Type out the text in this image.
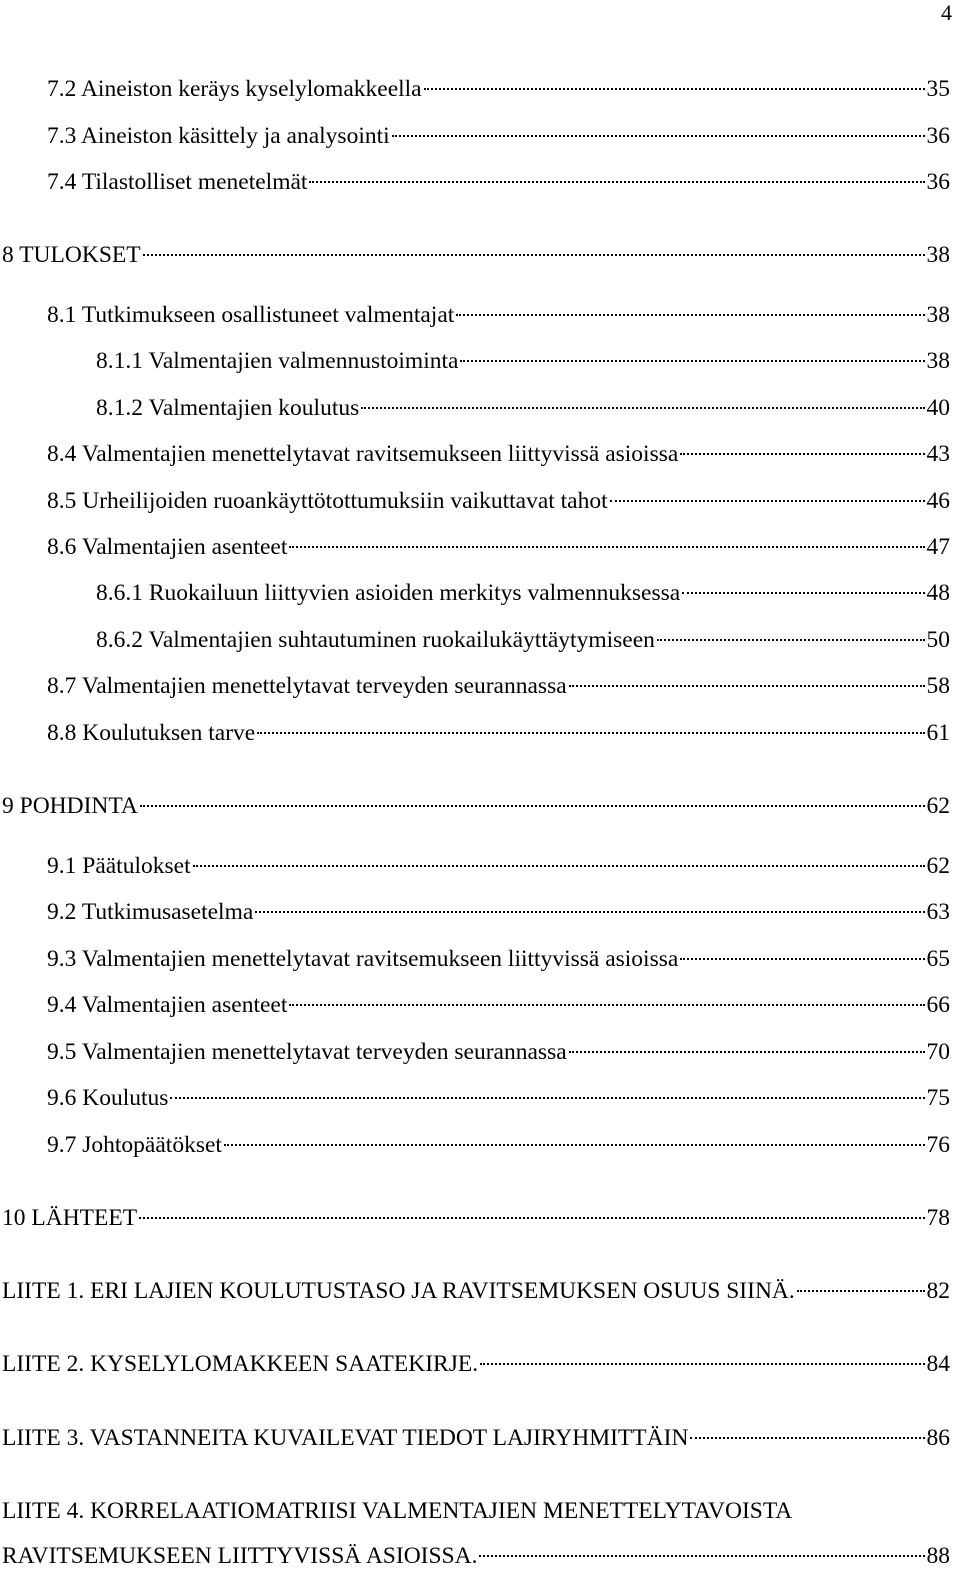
4
7.2 Aineiston keräys kyselylomakkeella	35
7.3 Aineiston käsittely ja analysointi	36
7.4 Tilastolliset menetelmät	36
8 TULOKSET	38
8.1 Tutkimukseen osallistuneet valmentajat	38
8.1.1 Valmentajien valmennustoiminta	38
8.1.2 Valmentajien koulutus	40
8.4 Valmentajien menettelytavat ravitsemukseen liittyvissä asioissa	43
8.5 Urheilijoiden ruoankäyttötottumuksiin vaikuttavat tahot	46
8.6 Valmentajien asenteet	47
8.6.1 Ruokailuun liittyvien asioiden merkitys valmennuksessa	48
8.6.2 Valmentajien suhtautuminen ruokailukäyttäytymiseen	50
8.7 Valmentajien menettelytavat terveyden seurannassa	58
8.8 Koulutuksen tarve	61
9 POHDINTA	62
9.1 Päätulokset	62
9.2 Tutkimusasetelma	63
9.3 Valmentajien menettelytavat ravitsemukseen liittyvissä asioissa	65
9.4 Valmentajien asenteet	66
9.5 Valmentajien menettelytavat terveyden seurannassa	70
9.6 Koulutus	75
9.7 Johtopäätökset	76
10 LÄHTEET	78
LIITE 1. ERI LAJIEN KOULUTUSTASO JA RAVITSEMUKSEN OSUUS SIINÄ.	82
LIITE 2. KYSELYLOMAKKEEN SAATEKIRJE.	84
LIITE 3. VASTANNEITA KUVAILEVAT TIEDOT LAJIRYHMITTÄIN	86
LIITE 4. KORRELAATIOMATRIISI VALMENTAJIEN MENETTELYTAVOISTA
RAVITSEMUKSEEN LIITTYVISSÄ ASIOISSA.	88
